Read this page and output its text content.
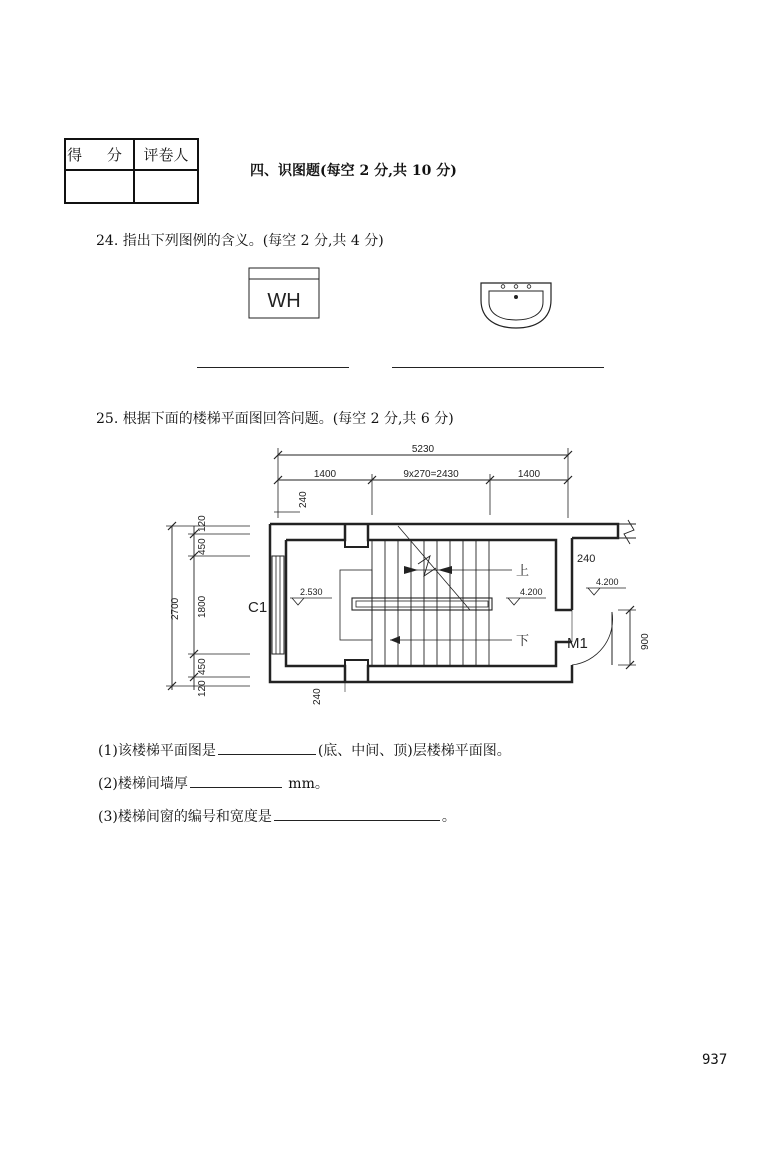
得 分 评卷人
四、识图题(每空 2 分,共 10 分)
24. 指出下列图例的含义。(每空 2 分,共 4 分)
WH
5230
1400	9x270=2430	1400
240
240
240
120
450
1800
450
120
2700
2.530	4.200
4.200
上
下
C1
M1	900
25. 根据下面的楼梯平面图回答问题。(每空 2 分,共 6 分)
(1)该楼梯平面图是	(底、中间、顶)层楼梯平面图。
(2)楼梯间墙厚	mm。
(3)楼梯间窗的编号和宽度是	。
937
